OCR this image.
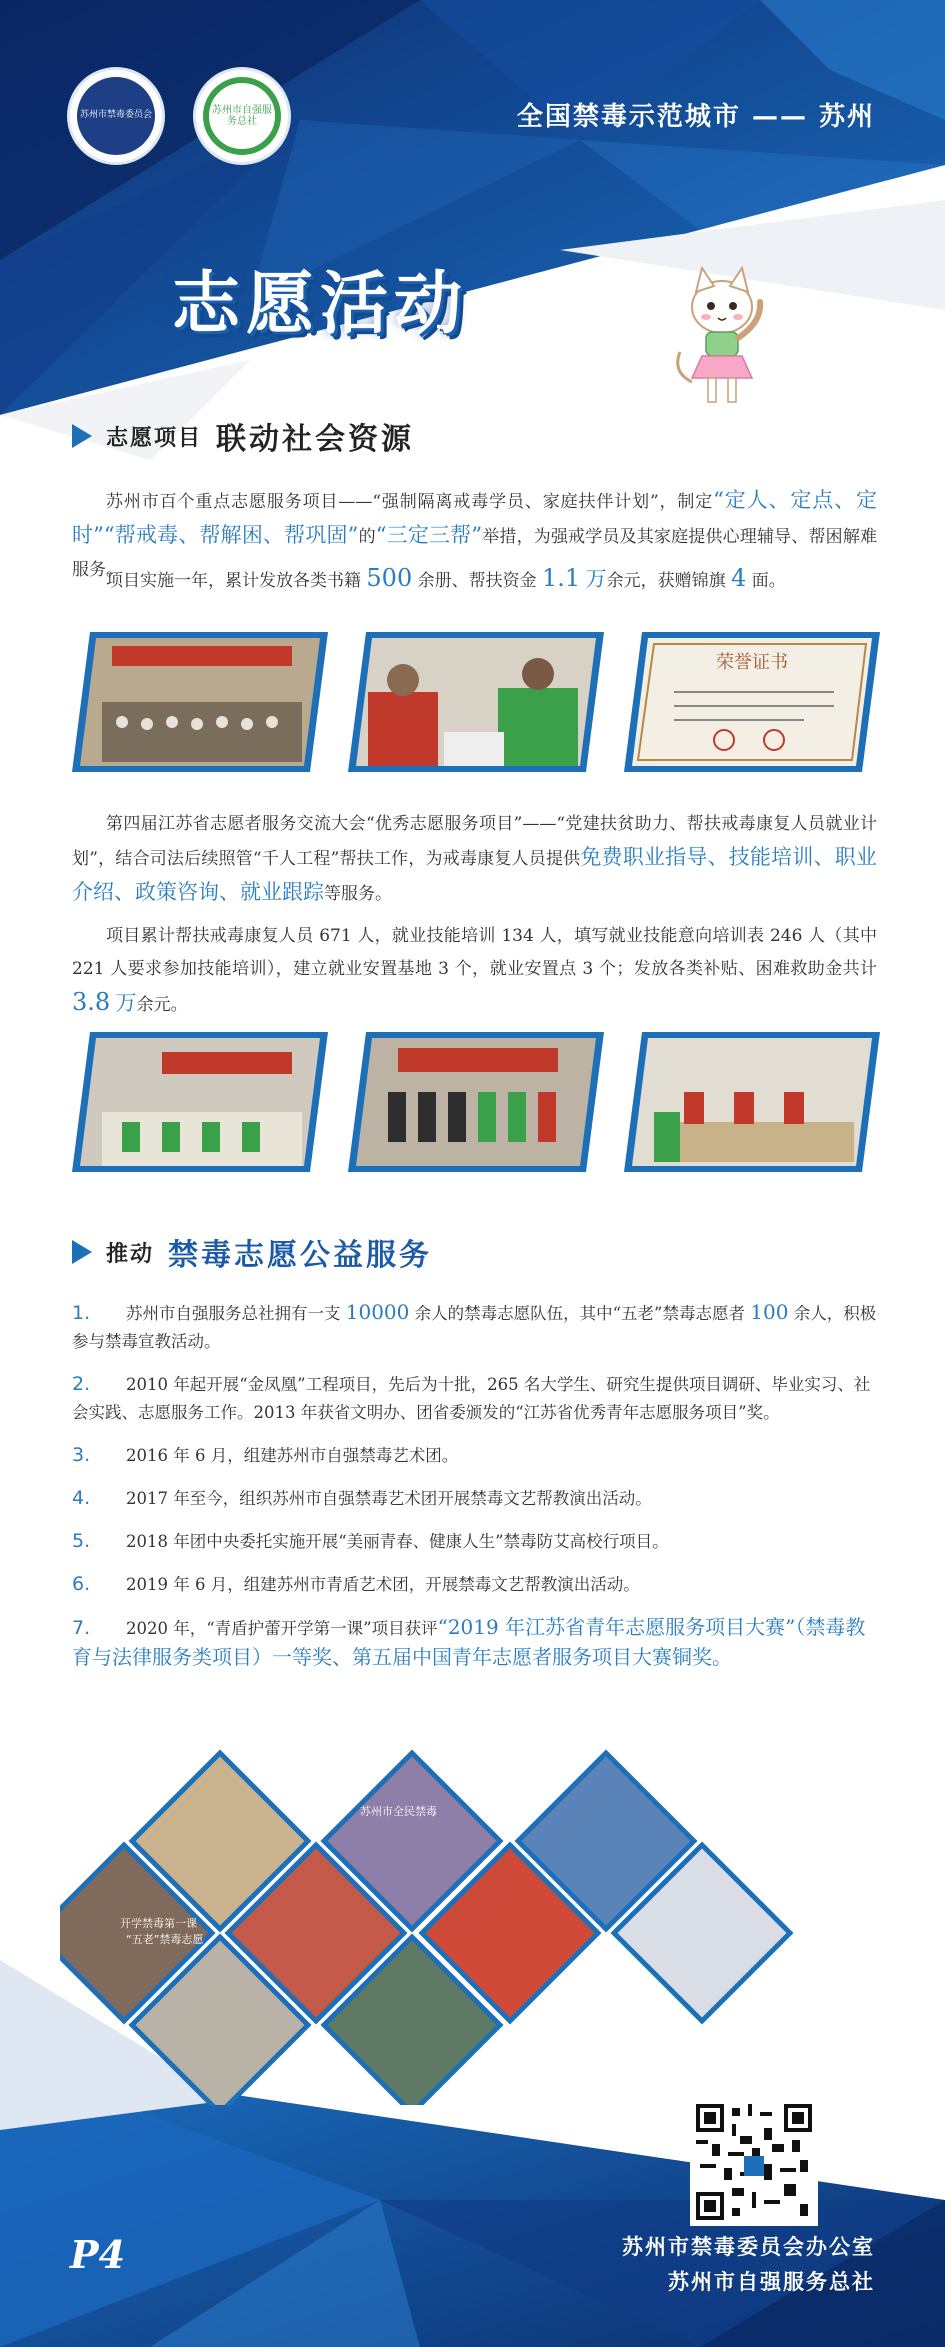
苏州市禁毒委员会	苏州市自强服务总社	全国禁毒示范城市 —— 苏州
志愿活动
志愿项目 联动社会资源
苏州市百个重点志愿服务项目——“强制隔离戒毒学员、家庭扶伴计划”，制定“定人、定点、定时”“帮戒毒、帮解困、帮巩固”的“三定三帮”举措，为强戒学员及其家庭提供心理辅导、帮困解难服务。
项目实施一年，累计发放各类书籍 500 余册、帮扶资金 1.1 万余元，获赠锦旗 4 面。
荣誉证书
第四届江苏省志愿者服务交流大会“优秀志愿服务项目”——“党建扶贫助力、帮扶戒毒康复人员就业计划”，结合司法后续照管“千人工程”帮扶工作，为戒毒康复人员提供免费职业指导、技能培训、职业介绍、政策咨询、就业跟踪等服务。
项目累计帮扶戒毒康复人员 671 人，就业技能培训 134 人，填写就业技能意向培训表 246 人（其中 221 人要求参加技能培训），建立就业安置基地 3 个，就业安置点 3 个；发放各类补贴、困难救助金共计 3.8 万余元。
推动 禁毒志愿公益服务
1. 苏州市自强服务总社拥有一支 10000 余人的禁毒志愿队伍，其中“五老”禁毒志愿者 100 余人，积极参与禁毒宣教活动。
2. 2010 年起开展“金凤凰”工程项目，先后为十批，265 名大学生、研究生提供项目调研、毕业实习、社会实践、志愿服务工作。2013 年获省文明办、团省委颁发的“江苏省优秀青年志愿服务项目”奖。
3. 2016 年 6 月，组建苏州市自强禁毒艺术团。
4. 2017 年至今，组织苏州市自强禁毒艺术团开展禁毒文艺帮教演出活动。
5. 2018 年团中央委托实施开展“美丽青春、健康人生”禁毒防艾高校行项目。
6. 2019 年 6 月，组建苏州市青盾艺术团，开展禁毒文艺帮教演出活动。
7. 2020 年，“青盾护蕾开学第一课”项目获评“2019 年江苏省青年志愿服务项目大赛”（禁毒教育与法律服务类项目）一等奖、第五届中国青年志愿者服务项目大赛铜奖。
开学禁毒第一课
“五老”禁毒志愿
苏州市全民禁毒
P4	苏州市禁毒委员会办公室
苏州市自强服务总社
